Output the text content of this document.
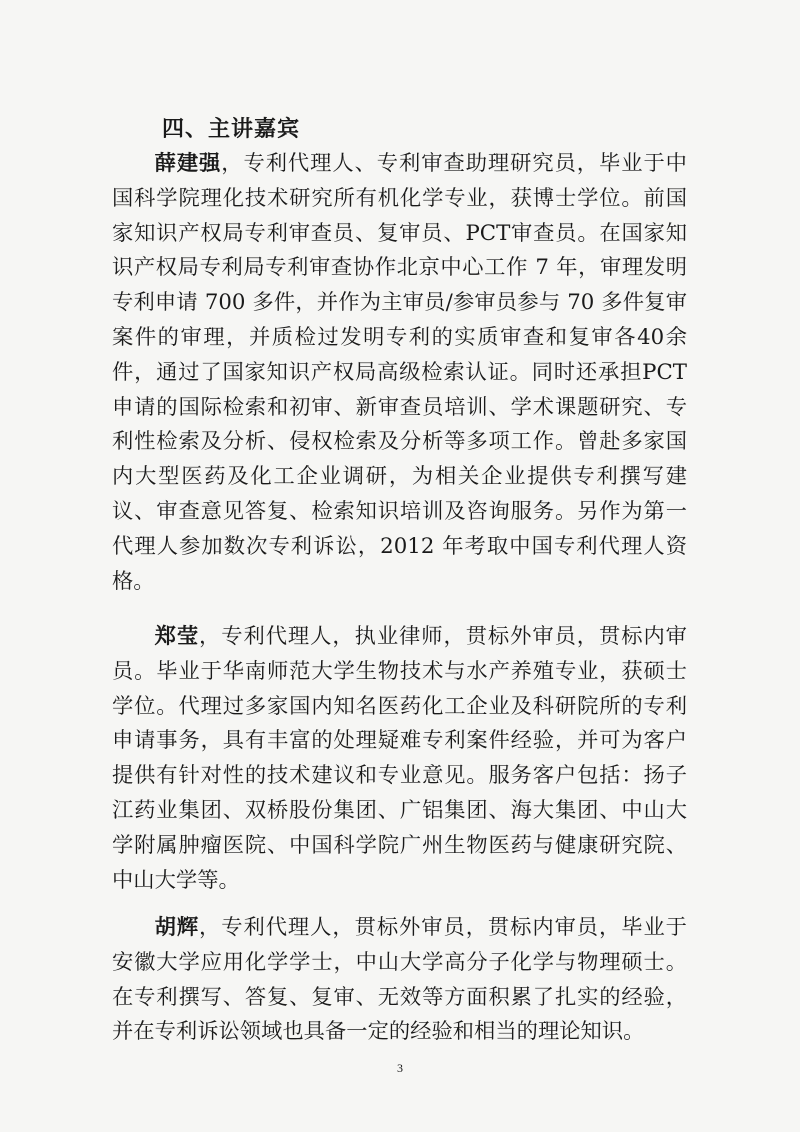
四、主讲嘉宾

薛建强，专利代理人、专利审查助理研究员，毕业于中国科学院理化技术研究所有机化学专业，获博士学位。前国家知识产权局专利审查员、复审员、PCT审查员。在国家知识产权局专利局专利审查协作北京中心工作 7 年，审理发明专利申请 700 多件，并作为主审员/参审员参与 70 多件复审案件的审理，并质检过发明专利的实质审查和复审各40余件，通过了国家知识产权局高级检索认证。同时还承担PCT申请的国际检索和初审、新审查员培训、学术课题研究、专利性检索及分析、侵权检索及分析等多项工作。曾赴多家国内大型医药及化工企业调研，为相关企业提供专利撰写建议、审查意见答复、检索知识培训及咨询服务。另作为第一代理人参加数次专利诉讼，2012 年考取中国专利代理人资格。

郑莹，专利代理人，执业律师，贯标外审员，贯标内审员。毕业于华南师范大学生物技术与水产养殖专业，获硕士学位。代理过多家国内知名医药化工企业及科研院所的专利申请事务，具有丰富的处理疑难专利案件经验，并可为客户提供有针对性的技术建议和专业意见。服务客户包括：扬子江药业集团、双桥股份集团、广铝集团、海大集团、中山大学附属肿瘤医院、中国科学院广州生物医药与健康研究院、中山大学等。

胡辉，专利代理人，贯标外审员，贯标内审员，毕业于安徽大学应用化学学士，中山大学高分子化学与物理硕士。在专利撰写、答复、复审、无效等方面积累了扎实的经验，并在专利诉讼领域也具备一定的经验和相当的理论知识。

3
